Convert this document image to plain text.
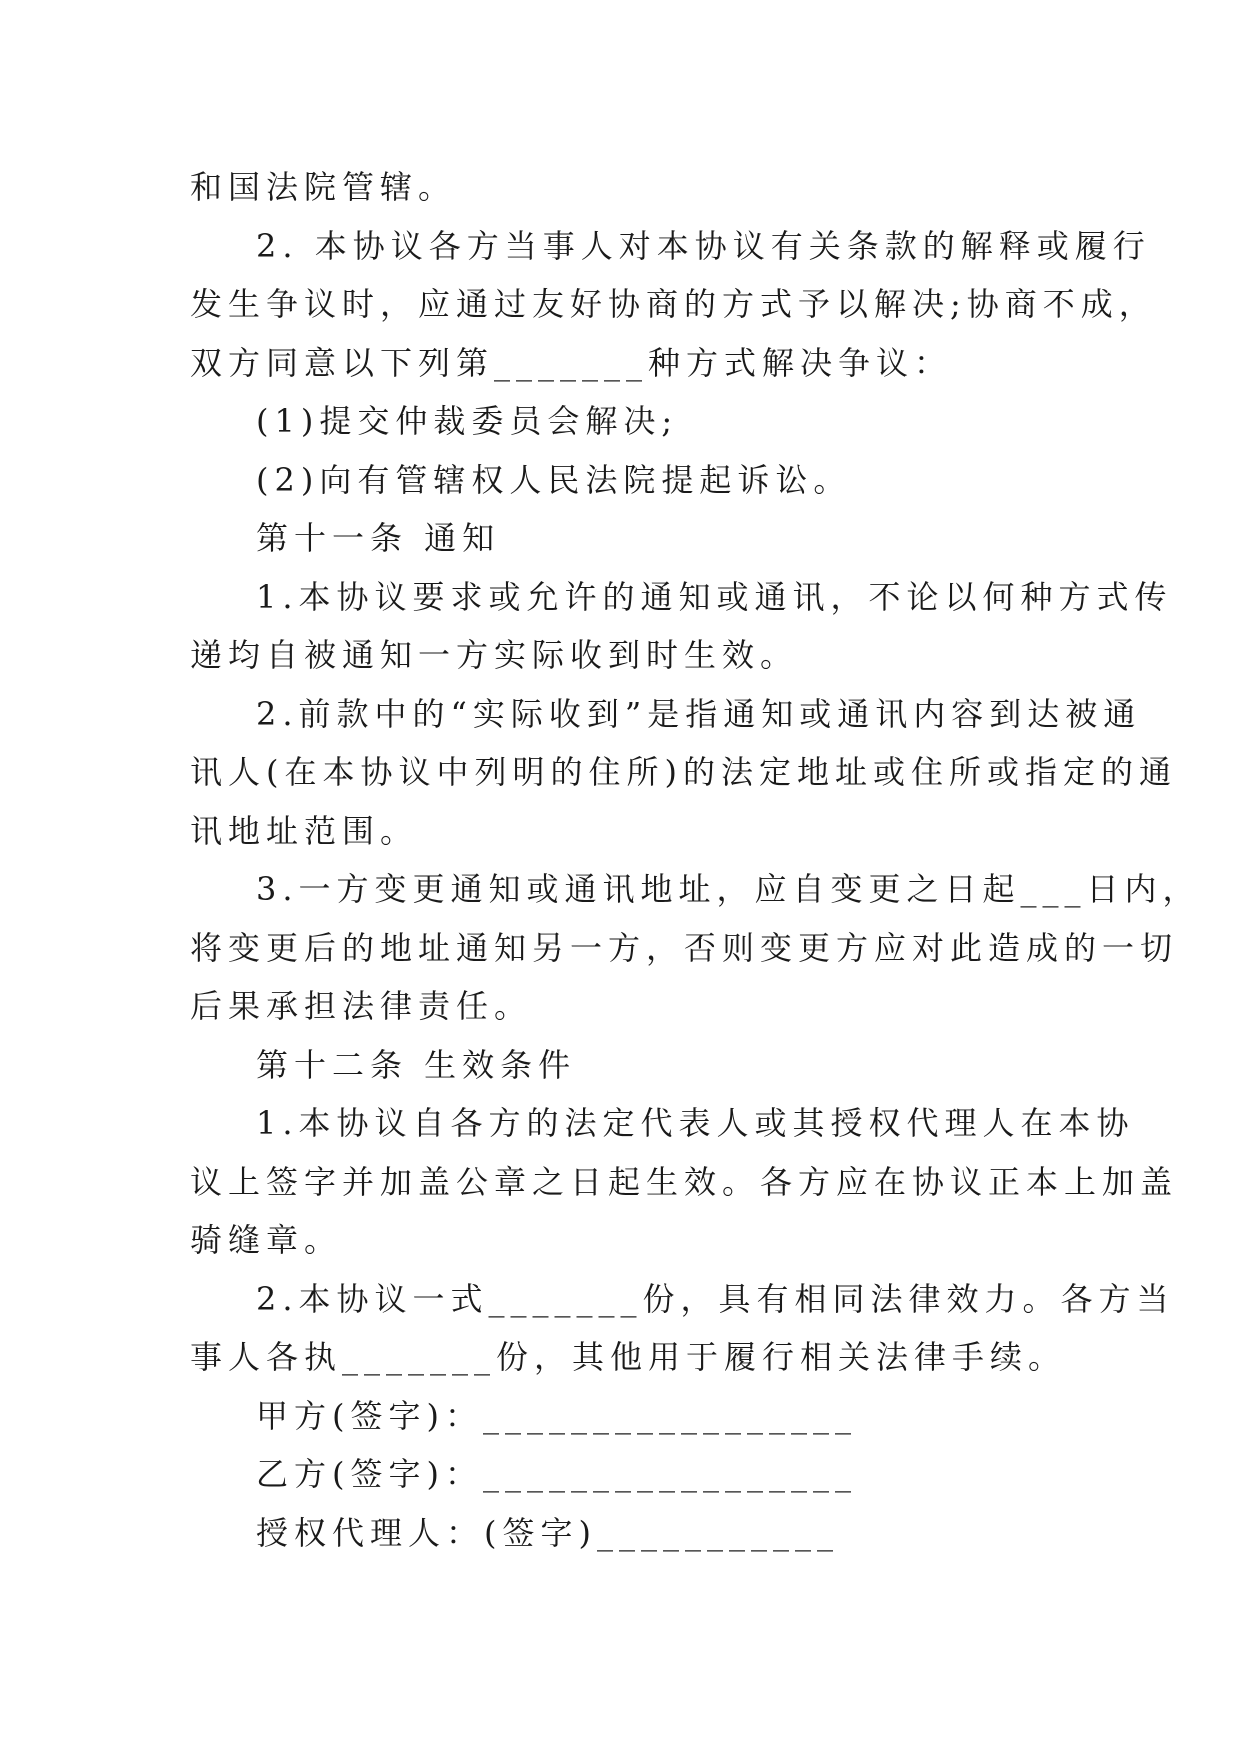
和国法院管辖。
2. 本协议各方当事人对本协议有关条款的解释或履行
发生争议时，应通过友好协商的方式予以解决;协商不成，
双方同意以下列第_______种方式解决争议：
(1)提交仲裁委员会解决;
(2)向有管辖权人民法院提起诉讼。
第十一条 通知
1.本协议要求或允许的通知或通讯，不论以何种方式传
递均自被通知一方实际收到时生效。
2.前款中的“实际收到”是指通知或通讯内容到达被通
讯人(在本协议中列明的住所)的法定地址或住所或指定的通
讯地址范围。
3.一方变更通知或通讯地址，应自变更之日起___日内，
将变更后的地址通知另一方，否则变更方应对此造成的一切
后果承担法律责任。
第十二条 生效条件
1.本协议自各方的法定代表人或其授权代理人在本协
议上签字并加盖公章之日起生效。各方应在协议正本上加盖
骑缝章。
2.本协议一式_______份，具有相同法律效力。各方当
事人各执_______份，其他用于履行相关法律手续。
甲方(签字)：_________________
乙方(签字)：_________________
授权代理人：(签字)___________
